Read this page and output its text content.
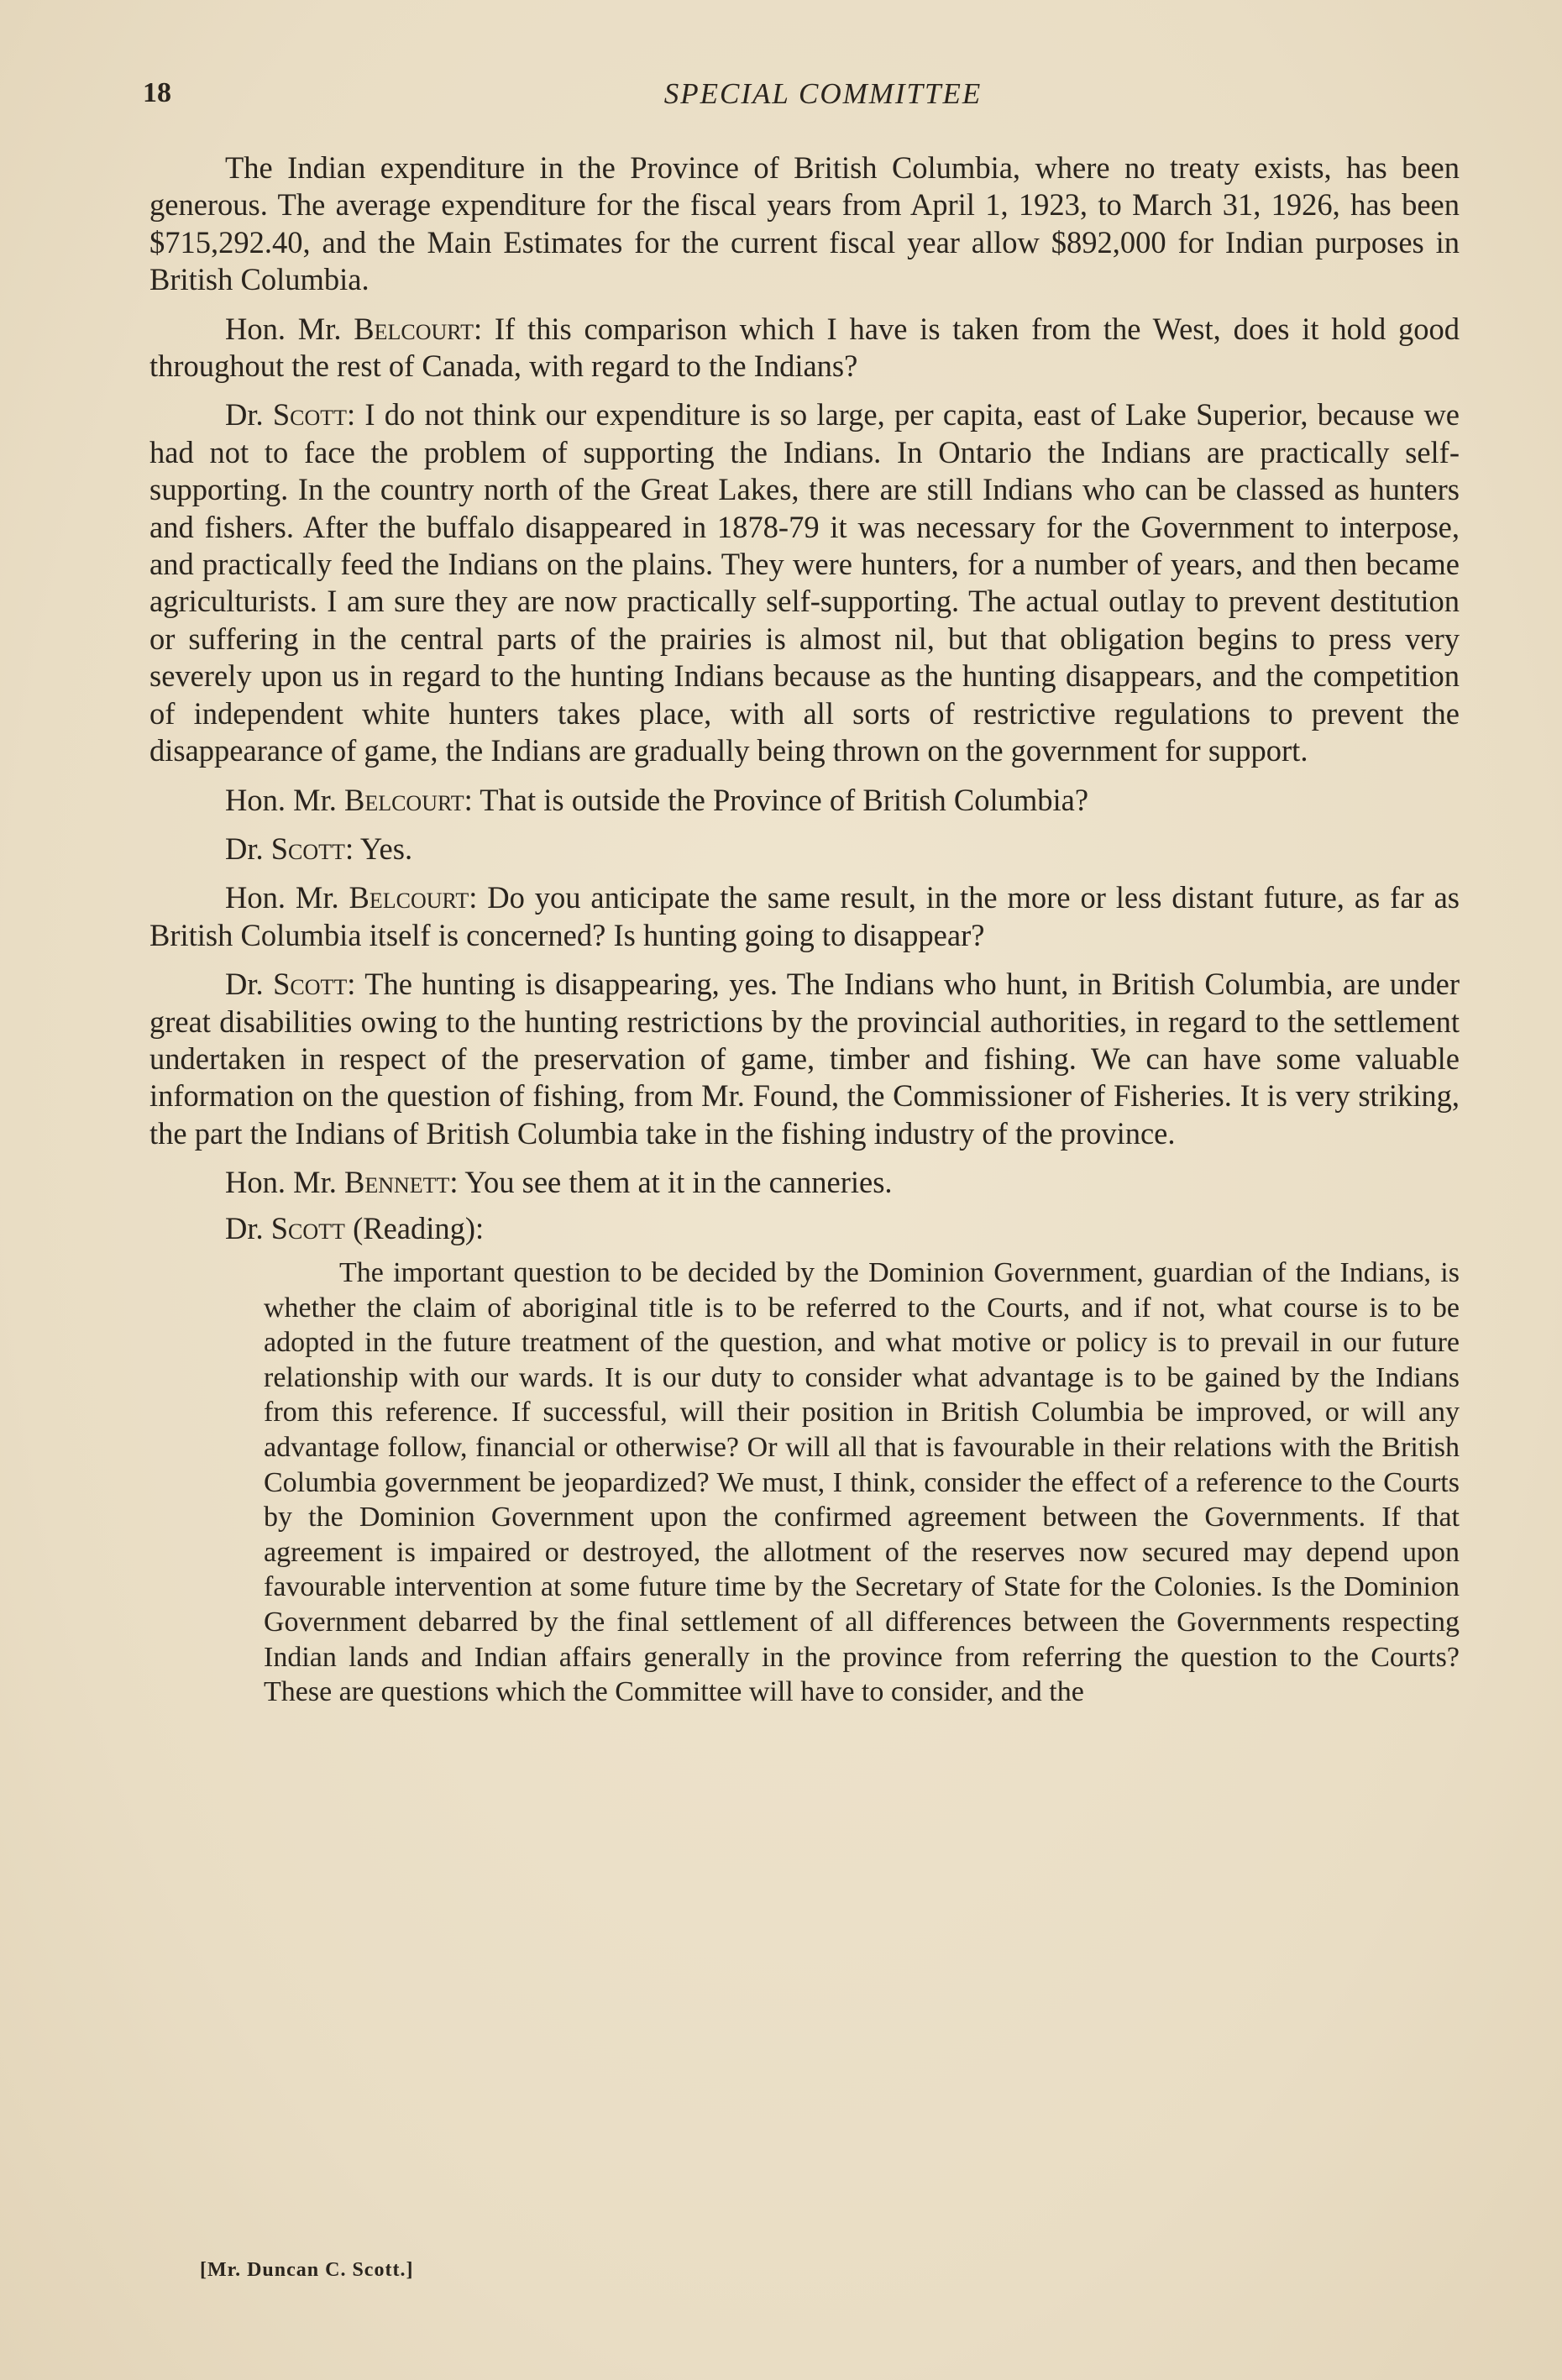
18	SPECIAL COMMITTEE

The Indian expenditure in the Province of British Columbia, where no treaty exists, has been generous. The average expenditure for the fiscal years from April 1, 1923, to March 31, 1926, has been $715,292.40, and the Main Estimates for the current fiscal year allow $892,000 for Indian purposes in British Columbia.

Hon. Mr. Belcourt: If this comparison which I have is taken from the West, does it hold good throughout the rest of Canada, with regard to the Indians?

Dr. Scott: I do not think our expenditure is so large, per capita, east of Lake Superior, because we had not to face the problem of supporting the Indians. In Ontario the Indians are practically self-supporting. In the country north of the Great Lakes, there are still Indians who can be classed as hunters and fishers. After the buffalo disappeared in 1878-79 it was necessary for the Government to interpose, and practically feed the Indians on the plains. They were hunters, for a number of years, and then became agriculturists. I am sure they are now practically self-supporting. The actual outlay to prevent destitution or suffering in the central parts of the prairies is almost nil, but that obligation begins to press very severely upon us in regard to the hunting Indians because as the hunting disappears, and the competition of independent white hunters takes place, with all sorts of restrictive regulations to prevent the disappearance of game, the Indians are gradually being thrown on the government for support.

Hon. Mr. Belcourt: That is outside the Province of British Columbia?

Dr. Scott: Yes.

Hon. Mr. Belcourt: Do you anticipate the same result, in the more or less distant future, as far as British Columbia itself is concerned? Is hunting going to disappear?

Dr. Scott: The hunting is disappearing, yes. The Indians who hunt, in British Columbia, are under great disabilities owing to the hunting restrictions by the provincial authorities, in regard to the settlement undertaken in respect of the preservation of game, timber and fishing. We can have some valuable information on the question of fishing, from Mr. Found, the Commissioner of Fisheries. It is very striking, the part the Indians of British Columbia take in the fishing industry of the province.

Hon. Mr. Bennett: You see them at it in the canneries.

Dr. Scott (Reading):

The important question to be decided by the Dominion Government, guardian of the Indians, is whether the claim of aboriginal title is to be referred to the Courts, and if not, what course is to be adopted in the future treatment of the question, and what motive or policy is to prevail in our future relationship with our wards. It is our duty to consider what advantage is to be gained by the Indians from this reference. If successful, will their position in British Columbia be improved, or will any advantage follow, financial or otherwise? Or will all that is favourable in their relations with the British Columbia government be jeopardized? We must, I think, consider the effect of a reference to the Courts by the Dominion Government upon the confirmed agreement between the Governments. If that agreement is impaired or destroyed, the allotment of the reserves now secured may depend upon favourable intervention at some future time by the Secretary of State for the Colonies. Is the Dominion Government debarred by the final settlement of all differences between the Governments respecting Indian lands and Indian affairs generally in the province from referring the question to the Courts? These are questions which the Committee will have to consider, and the

[Mr. Duncan C. Scott.]
